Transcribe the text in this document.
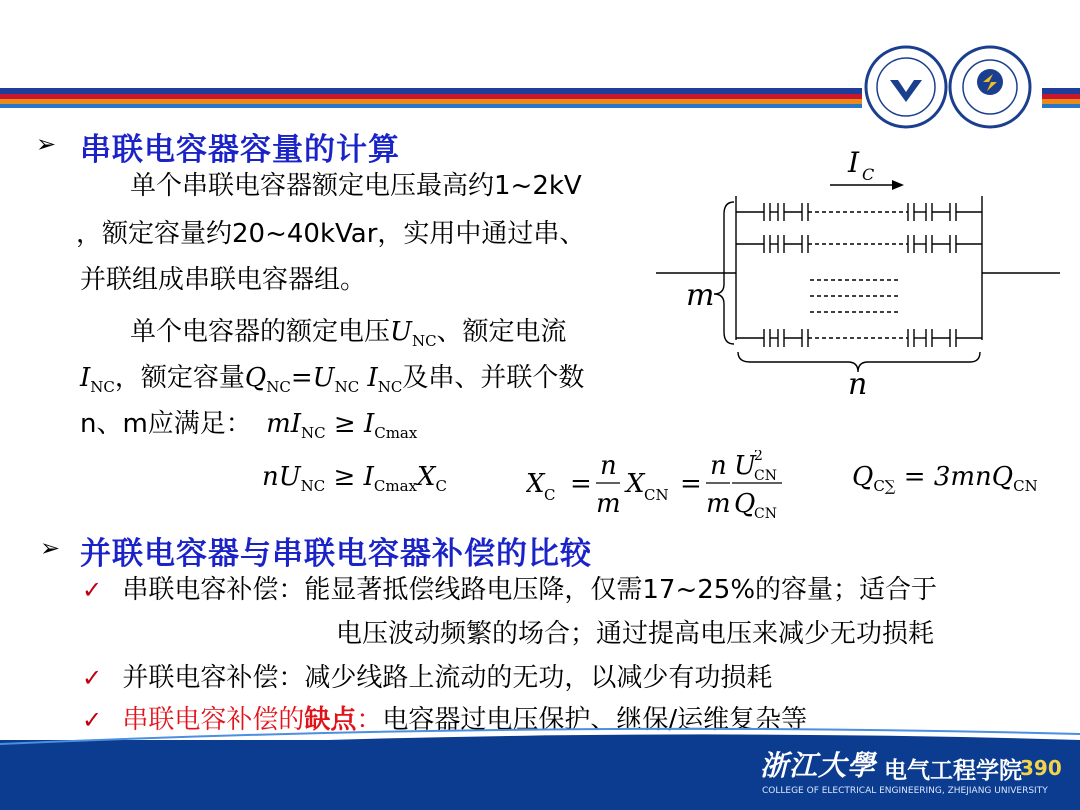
➢ 串联电容器容量的计算
单个串联电容器额定电压最高约1~2kV
，额定容量约20~40kVar，实用中通过串、
并联组成串联电容器组。
单个电容器的额定电压$U_{NC}$、额定电流
$I_{NC}$，额定容量$Q_{NC}=U_{NC}$ $I_{NC}$及串、并联个数
n、m应满足： $mI_{NC} \ge I_{Cmax}$
$nU_{NC} \ge I_{Cmax}X_C$	X C =
n
m
X CN =
n
m
U
2
CN
Q
CN
$Q_{C\sum} = 3mnQ_{CN}$
I C
m
n
➢ 并联电容器与串联电容器补偿的比较
✓ 串联电容补偿：能显著抵偿线路电压降，仅需17~25%的容量；适合于
电压波动频繁的场合；通过提高电压来减少无功损耗
✓ 并联电容补偿：减少线路上流动的无功，以减少有功损耗
✓ 串联电容补偿的缺点：电容器过电压保护、继保/运维复杂等
浙江大學 电气工程学院
390
COLLEGE OF ELECTRICAL ENGINEERING, ZHEJIANG UNIVERSITY
